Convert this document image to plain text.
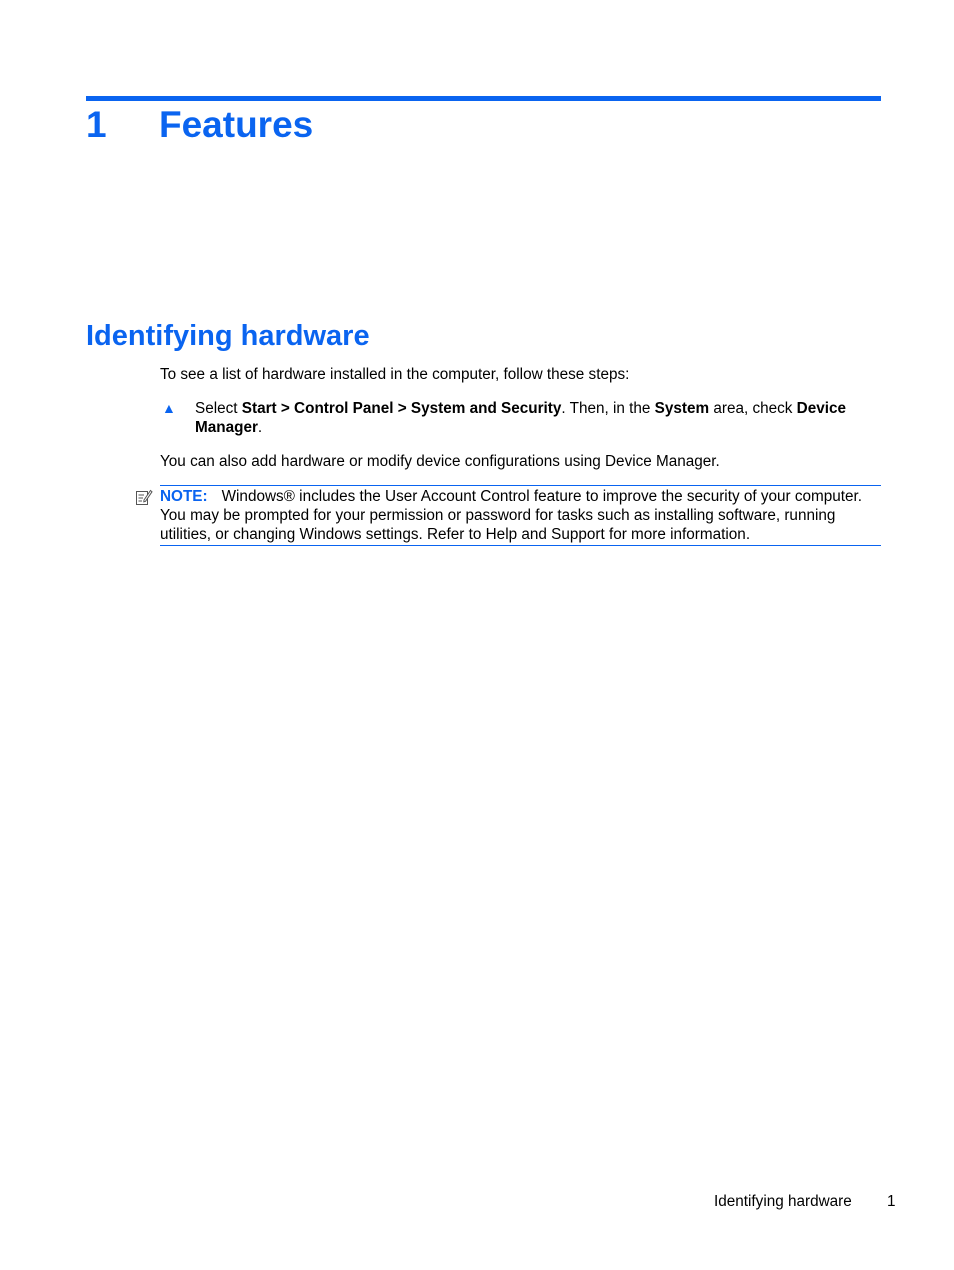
1 Features
Identifying hardware

To see a list of hardware installed in the computer, follow these steps:

▲ Select Start > Control Panel > System and Security. Then, in the System area, check Device Manager.

You can also add hardware or modify device configurations using Device Manager.

NOTE: Windows® includes the User Account Control feature to improve the security of your computer. You may be prompted for your permission or password for tasks such as installing software, running utilities, or changing Windows settings. Refer to Help and Support for more information.
Identifying hardware 1
